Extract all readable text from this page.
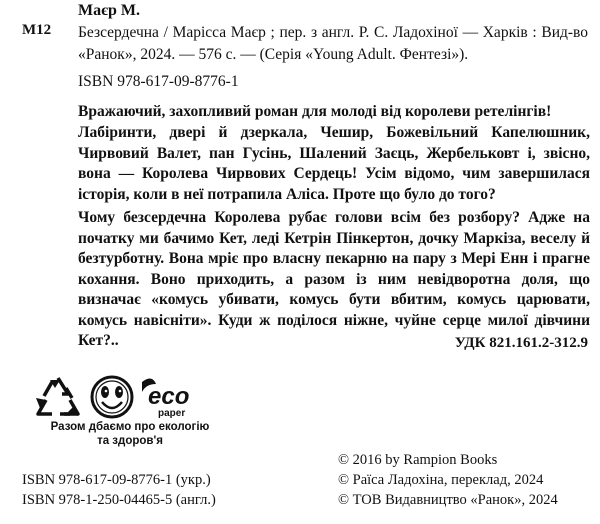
М12
Маєр М.
Безсердечна / Марісса Маєр ; пер. з англ. Р. С. Ладохіної — Харків : Вид-во «Ранок», 2024. — 576 с. — (Серія «Young Adult. Фентезі»).
ISBN 978-617-09-8776-1
Вражаючий, захопливий роман для молоді від королеви ретелінгів!
Лабіринти, двері й дзеркала, Чешир, Божевільний Капелюшник, Чирвовий Валет, пан Гусінь, Шалений Заєць, Жербельковт і, звісно, вона — Королева Чирвових Сердець! Усім відомо, чим завершилася історія, коли в неї потрапила Аліса. Проте що було до того?
Чому безсердечна Королева рубає голови всім без розбору? Адже на початку ми бачимо Кет, леді Кетрін Пінкертон, дочку Маркіза, веселу й безтурботну. Вона мріє про власну пекарню на пару з Мері Енн і прагне кохання. Воно приходить, а разом із ним невідворотна доля, що визначає «комусь убивати, комусь бути вбитим, комусь царювати, комусь навісніти». Куди ж поділося ніжне, чуйне серце милої дівчини Кет?..	УДК 821.161.2-312.9
eco
paper
Разом дбаємо про екологію та здоров'я
ISBN 978-617-09-8776-1 (укр.)
ISBN 978-1-250-04465-5 (англ.)
© 2016 by Rampion Books
© Раїса Ладохіна, переклад, 2024
© ТОВ Видавництво «Ранок», 2024
